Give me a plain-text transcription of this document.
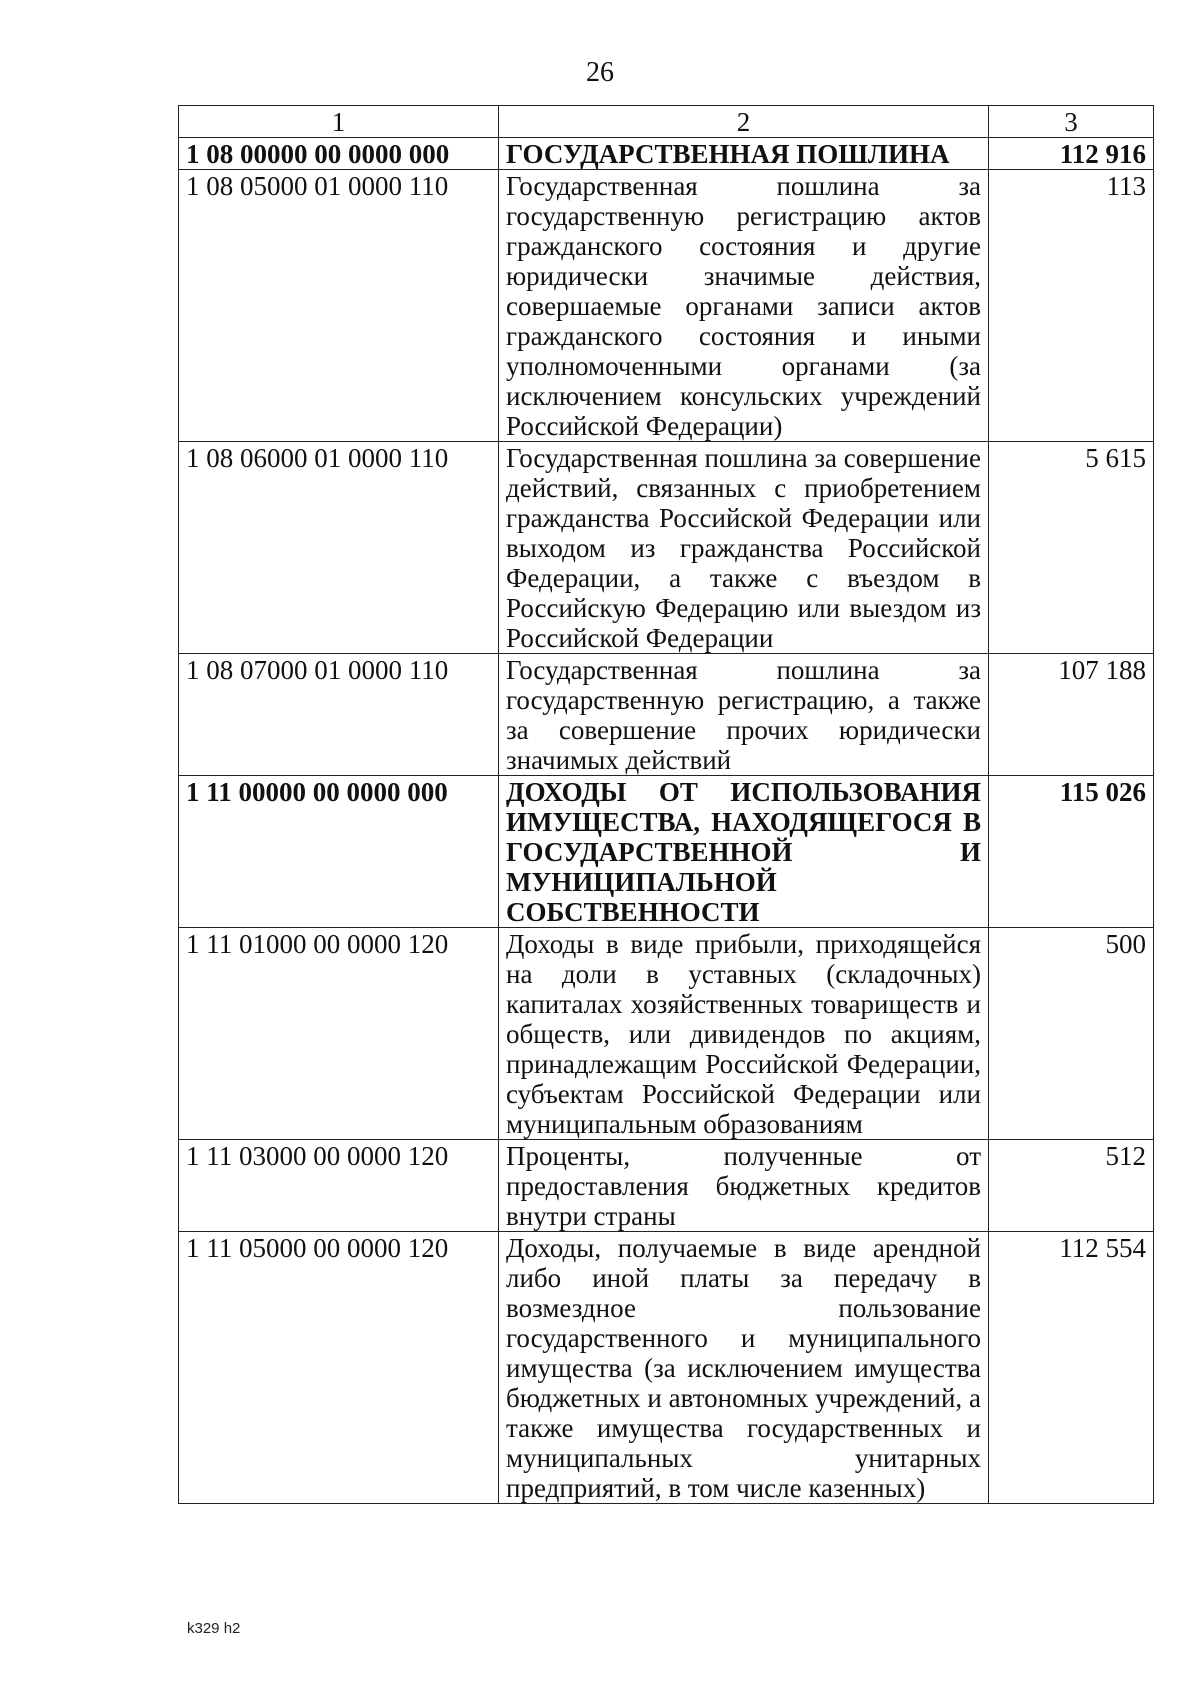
26
1	2	3
1 08 00000 00 0000 000	ГОСУДАРСТВЕННАЯ ПОШЛИНА	112 916
1 08 05000 01 0000 110	Государственная пошлина за государственную регистрацию актов гражданского состояния и другие юридически значимые действия, совершаемые органами записи актов гражданского состояния и иными уполномоченными органами (за исключением консульских учреждений Российской Федерации)	113
1 08 06000 01 0000 110	Государственная пошлина за совершение действий, связанных с приобретением гражданства Российской Федерации или выходом из гражданства Российской Федерации, а также с въездом в Российскую Федерацию или выездом из Российской Федерации	5 615
1 08 07000 01 0000 110	Государственная пошлина за государственную регистрацию, а также за совершение прочих юридически значимых действий	107 188
1 11 00000 00 0000 000	ДОХОДЫ ОТ ИСПОЛЬЗОВАНИЯ ИМУЩЕСТВА, НАХОДЯЩЕГОСЯ В ГОСУДАРСТВЕННОЙ И МУНИЦИПАЛЬНОЙ СОБСТВЕННОСТИ	115 026
1 11 01000 00 0000 120	Доходы в виде прибыли, приходящейся на доли в уставных (складочных) капиталах хозяйственных товариществ и обществ, или дивидендов по акциям, принадлежащим Российской Федерации, субъектам Российской Федерации или муниципальным образованиям	500
1 11 03000 00 0000 120	Проценты, полученные от предоставления бюджетных кредитов внутри страны	512
1 11 05000 00 0000 120	Доходы, получаемые в виде арендной либо иной платы за передачу в возмездное пользование государственного и муниципального имущества (за исключением имущества бюджетных и автономных учреждений, а также имущества государственных и муниципальных унитарных предприятий, в том числе казенных)	112 554
k329 h2
